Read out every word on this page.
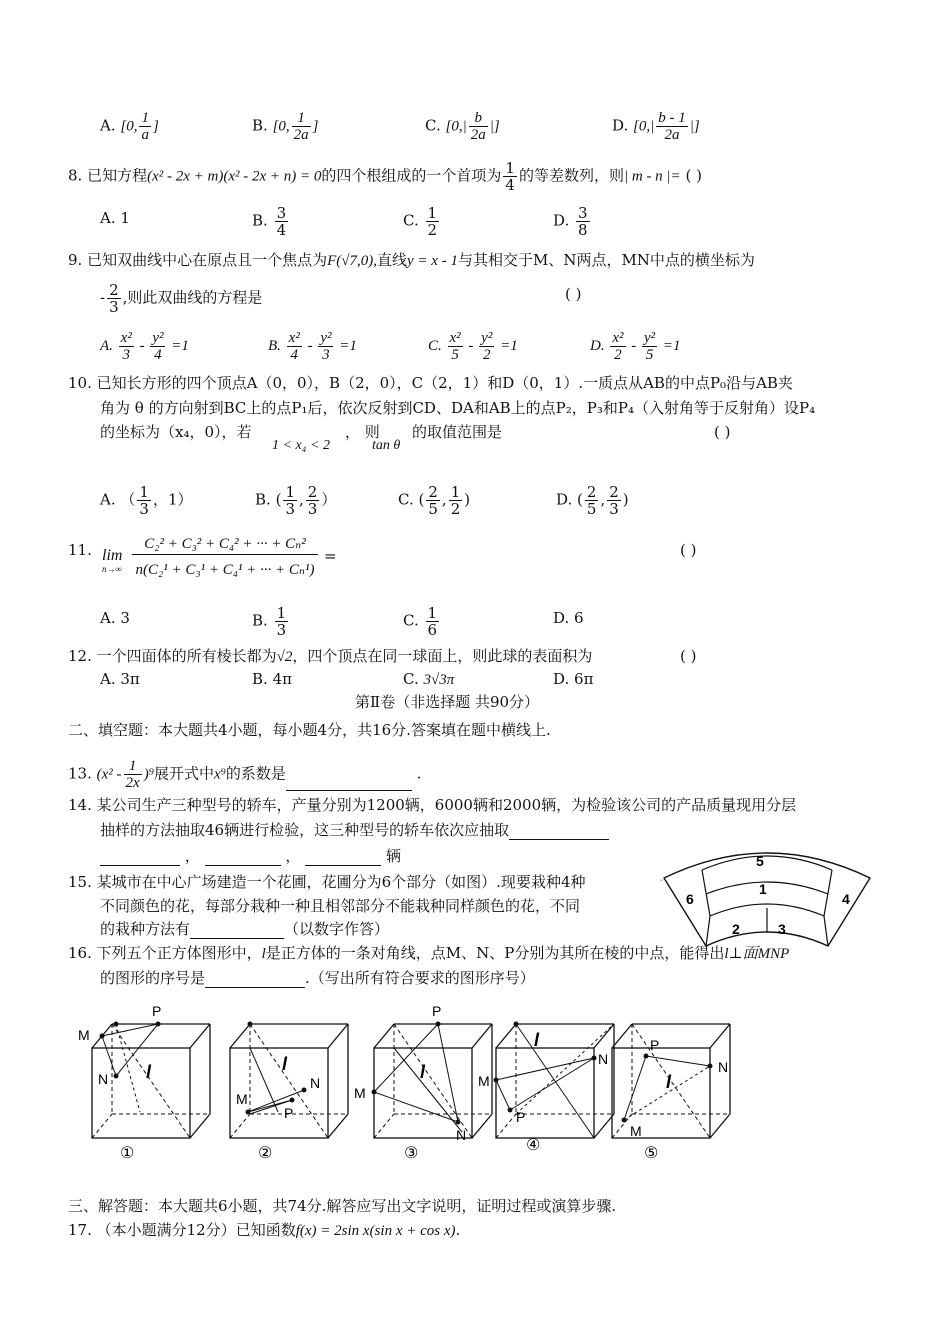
A. [0, $\frac{1}{a}$ ]	B. [0, $\frac{1}{2a}$ ]	C. [$0,| \frac{b}{2a}$ |]	D. [$0,| \frac{b - 1}{2a}$ |]
8. 已知方程(x² - 2x + m)(x² - 2x + n) = 0的四个根组成的一个首项为 $\frac{1}{4}$ 的等差数列，则| m - n |= ( )
A. 1	B. $\frac{3}{4}$	C. $\frac{1}{2}$	D. $\frac{3}{8}$
9. 已知双曲线中心在原点且一个焦点为F(√7,0),直线y = x - 1与其相交于M、N两点，MN中点的横坐标为
- $\frac{2}{3}$ ,则此双曲线的方程是	( )
A. $\frac{\text{x²}}{3} - \frac{\text{y²}}{4} =1$	B. $\frac{\text{x²}}{4} - \frac{\text{y²}}{3} =1$	C. $\frac{\text{x²}}{5} - \frac{\text{y²}}{2} =1$	D. $\frac{\text{x²}}{2} - \frac{\text{y²}}{5} =1$
10. 已知长方形的四个顶点A（0，0），B（2，0），C（2，1）和D（0，1）.一质点从AB的中点P₀沿与AB夹
角为 θ 的方向射到BC上的点P₁后，依次反射到CD、DA和AB上的点P₂，P₃和P₄（入射角等于反射角）设P₄
的坐标为（x₄，0），若
1 < x₄ < 2
， 则
tan θ
的取值范围是	( )
A. （ $\frac{1}{3}$ ，1）	B. ( $\frac{1}{3}$ , $\frac{2}{3}$ ）	C. ( $\frac{2}{5}$ , $\frac{1}{2}$ )	D. ( $\frac{2}{5}$ , $\frac{2}{3}$ )
11. lim
n→∞
C₂² + C₃² + C₄² + ··· + Cₙ²
n(C₂¹ + C₃¹ + C₄¹ + ··· + Cₙ¹)
=	( )
A. 3	B. $\frac{1}{3}$	C. $\frac{1}{6}$	D. 6
12. 一个四面体的所有棱长都为√2，四个顶点在同一球面上，则此球的表面积为	( )
A. 3π	B. 4π	C. 3√3π	D. 6π
第Ⅱ卷（非选择题 共90分）
二、填空题：本大题共4小题，每小题4分，共16分.答案填在题中横线上.
13. $(x^2 - \frac{1}{2x} )^9$展开式中x⁹的系数是	.
14. 某公司生产三种型号的轿车，产量分别为1200辆，6000辆和2000辆，为检验该公司的产品质量现用分层
抽样的方法抽取46辆进行检验，这三种型号的轿车依次应抽取
，	，	辆
15. 某城市在中心广场建造一个花圃，花圃分为6个部分（如图）.现要栽种4种
不同颜色的花，每部分栽种一种且相邻部分不能栽种同样颜色的花，不同
的栽种方法有	（以数字作答）
5
1
6	4
2	3
16. 下列五个正方体图形中，l是正方体的一条对角线，点M、N、P分别为其所在棱的中点，能得出l⊥面MNP
的图形的序号是	.（写出所有符合要求的图形序号）
M
P
N l
①
M
N
P
l
②
M
P
N
l
③
M
N
P
l
④
P
N
M
l
⑤
三、解答题：本大题共6小题，共74分.解答应写出文字说明，证明过程或演算步骤.
17. （本小题满分12分）已知函数f(x) = 2sin x(sin x + cos x).
